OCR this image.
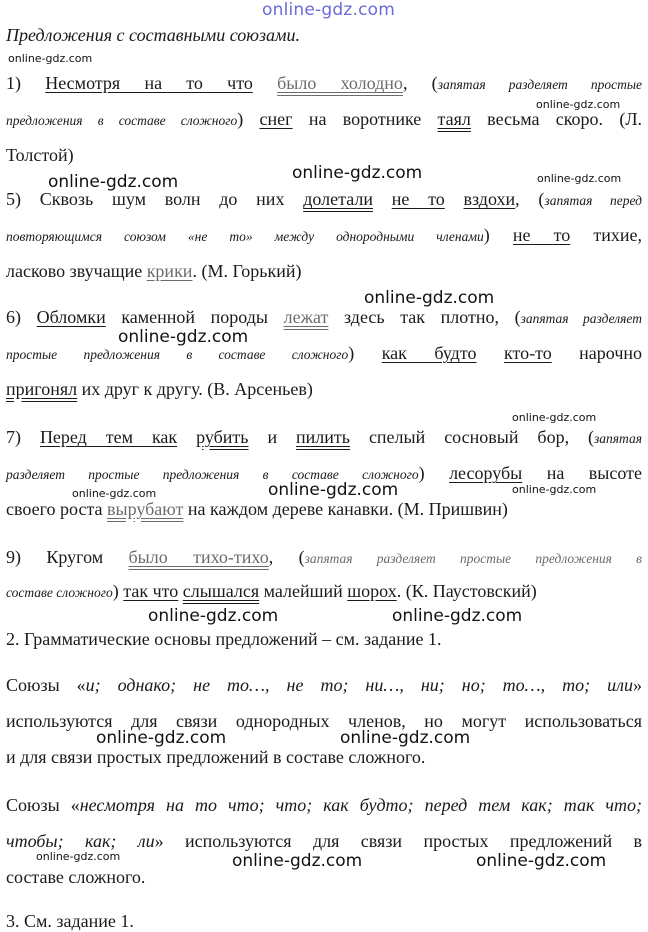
online-gdz.com
online-gdz.com
online-gdz.com
online-gdz.com	online-gdz.com	online-gdz.com
online-gdz.com
online-gdz.com
online-gdz.com
online-gdz.com	online-gdz.com	online-gdz.com
online-gdz.com	online-gdz.com
online-gdz.com	online-gdz.com
online-gdz.com	online-gdz.com	online-gdz.com
Предложения с составными союзами.
1) Несмотря на то что было холодно, (запятая разделяет простые
предложения в составе сложного) снег на воротнике таял весьма скоро. (Л.
Толстой)
5) Сквозь шум волн до них долетали не то вздохи, (запятая перед
повторяющимся союзом «не то» между однородными членами) не то тихие,
ласково звучащие крики. (М. Горький)
6) Обломки каменной породы лежат здесь так плотно, (запятая разделяет
простые предложения в составе сложного) как будто кто-то нарочно
пригонял их друг к другу. (В. Арсеньев)
7) Перед тем как рубить и пилить спелый сосновый бор, (запятая
разделяет простые предложения в составе сложного) лесорубы на высоте
своего роста вырубают на каждом дереве канавки. (М. Пришвин)
9) Кругом было тихо-тихо, (запятая разделяет простые предложения в
составе сложного) так что слышался малейший шорох. (К. Паустовский)
2. Грамматические основы предложений – см. задание 1.
Союзы «и; однако; не то…, не то; ни…, ни; но; то…, то; или»
используются для связи однородных членов, но могут использоваться
и для связи простых предложений в составе сложного.
Союзы «несмотря на то что; что; как будто; перед тем как; так что;
чтобы; как; ли» используются для связи простых предложений в
составе сложного.
3. См. задание 1.
